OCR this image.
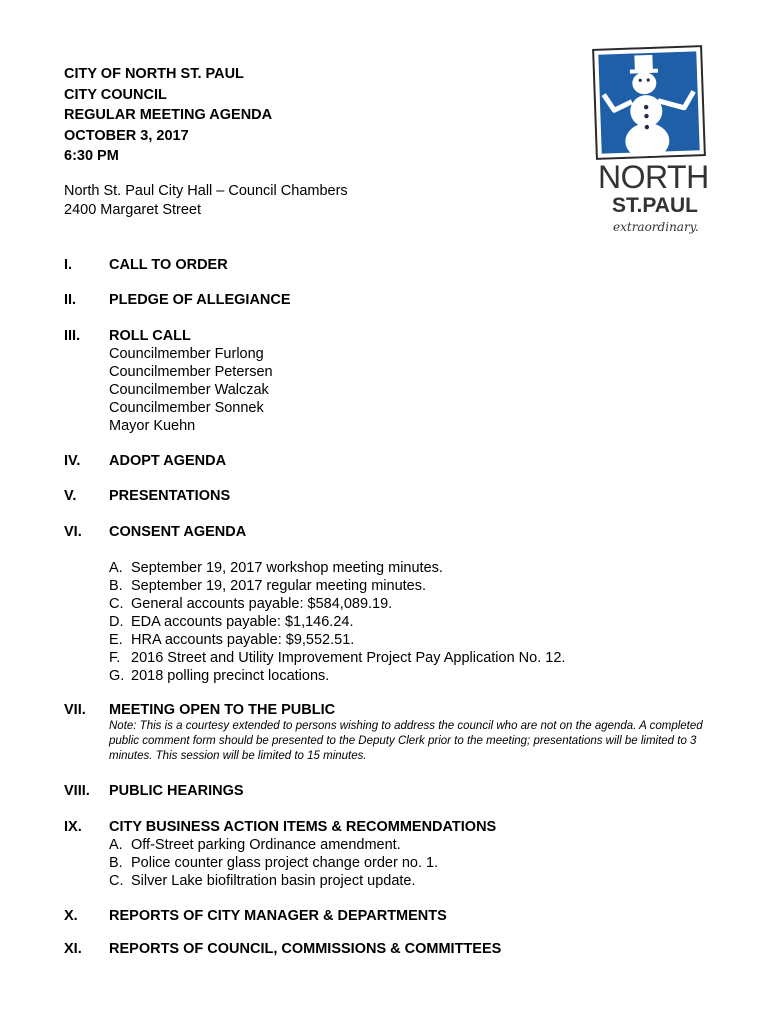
CITY OF NORTH ST. PAUL
CITY COUNCIL
REGULAR MEETING AGENDA
OCTOBER 3, 2017
6:30 PM
North St. Paul City Hall – Council Chambers
2400 Margaret Street
NORTH
ST.PAUL
extraordinary.
I.	CALL TO ORDER
II.	PLEDGE OF ALLEGIANCE
III.	ROLL CALL
Councilmember Furlong
Councilmember Petersen
Councilmember Walczak
Councilmember Sonnek
Mayor Kuehn
IV.	ADOPT AGENDA
V.	PRESENTATIONS
VI.	CONSENT AGENDA
A. September 19, 2017 workshop meeting minutes.
B. September 19, 2017 regular meeting minutes.
C. General accounts payable: $584,089.19.
D. EDA accounts payable: $1,146.24.
E. HRA accounts payable: $9,552.51.
F. 2016 Street and Utility Improvement Project Pay Application No. 12.
G. 2018 polling precinct locations.
VII.	MEETING OPEN TO THE PUBLIC
Note: This is a courtesy extended to persons wishing to address the council who are not on the agenda. A completed public comment form should be presented to the Deputy Clerk prior to the meeting; presentations will be limited to 3 minutes. This session will be limited to 15 minutes.
VIII.	PUBLIC HEARINGS
IX.	CITY BUSINESS ACTION ITEMS & RECOMMENDATIONS
A. Off-Street parking Ordinance amendment.
B. Police counter glass project change order no. 1.
C. Silver Lake biofiltration basin project update.
X.	REPORTS OF CITY MANAGER & DEPARTMENTS
XI.	REPORTS OF COUNCIL, COMMISSIONS & COMMITTEES
